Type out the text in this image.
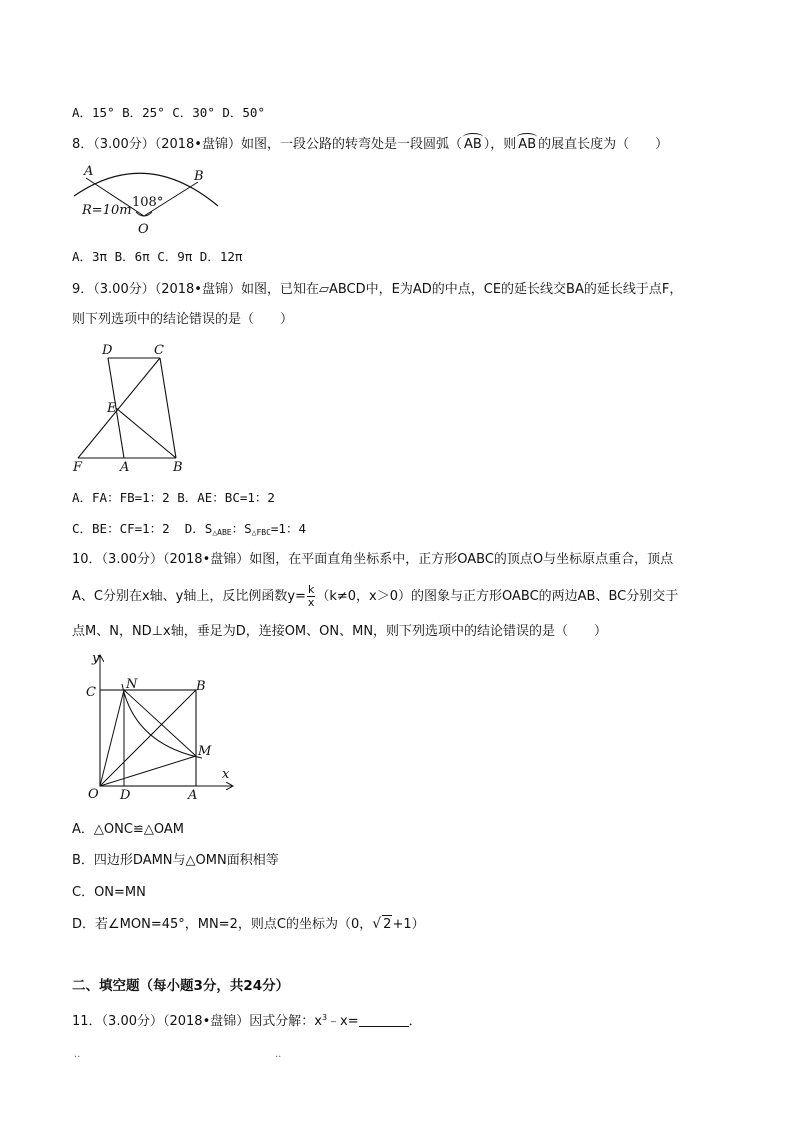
A．15° B．25° C．30° D．50°
8．（3.00分）（2018•盘锦）如图，一段公路的转弯处是一段圆弧（ AB ），则 AB 的展直长度为（　　）
A	B
O
R=10m
108°
A．3π B．6π C．9π D．12π
9．（3.00分）（2018•盘锦）如图，已知在▱ABCD中，E为AD的中点，CE的延长线交BA的延长线于点F，
则下列选项中的结论错误的是（　　）
D	C
E
F	A	B
A．FA：FB=1：2 B．AE：BC=1：2
C．BE：CF=1：2 D．$S_{\triangle ABE}$：$S_{\triangle FBC}=1$：4
10．（3.00分）（2018•盘锦）如图，在平面直角坐标系中，正方形OABC的顶点O与坐标原点重合，顶点
A、C分别在x轴、y轴上，反比例函数$y= \frac{k}{x} (k\ne 0$，x＞0）的图象与正方形OABC的两边AB、BC分别交于
点M、N，ND⊥x轴，垂足为D，连接OM、ON、MN，则下列选项中的结论错误的是（　　）
y
x
C
N	B
M
O D	A
A．△ONC≌△OAM
B．四边形DAMN与△OMN面积相等
C．ON=MN
D．若∠MON=45°，MN=2，则点C的坐标为（0，√ 2+1）
二、填空题（每小题3分，共24分）
11．（3.00分）（2018•盘锦）因式分解：$x^3﹣x=$	．
..	..
